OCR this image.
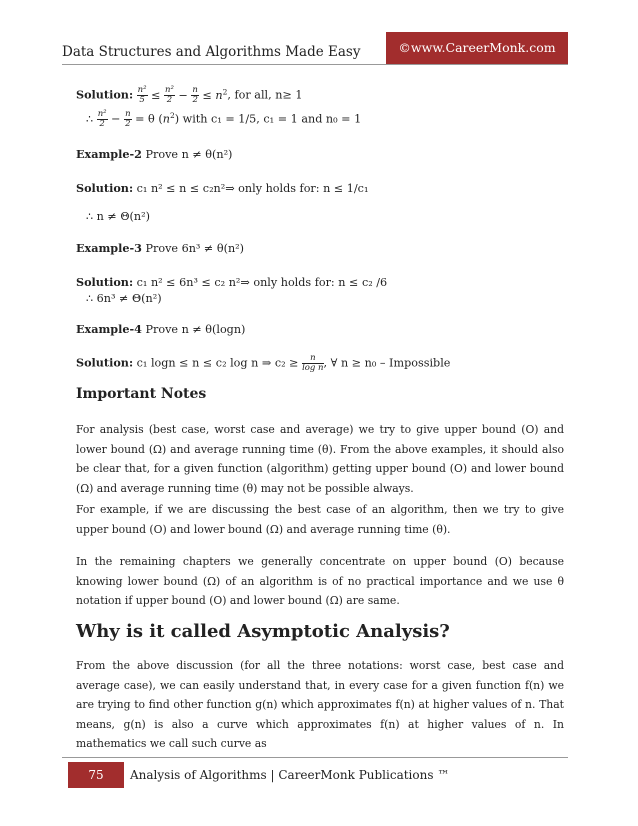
Data Structures and Algorithms Made Easy	©www.CareerMonk.com
Solution: $\frac{\text{n²}}{5} \le \frac{\text{n²}}{2} - \frac{n}{2} \le n^2$, for all, n≥ 1
∴ $\frac{\text{n²}}{2} - \frac{n}{2} = \theta$ $(n^2)$ with c₁ = 1/5, c₁ = 1 and n₀ = 1
Example-2 Prove n ≠ θ(n²)
Solution: c₁ n² ≤ n ≤ c₂n²⇒ only holds for: n ≤ 1/c₁
∴ n ≠ Θ(n²)
Example-3 Prove 6n³ ≠ θ(n²)
Solution: c₁ n² ≤ 6n³ ≤ c₂ n²⇒ only holds for: n ≤ c₂ /6
∴ 6n³ ≠ Θ(n²)
Example-4 Prove n ≠ θ(logn)
Solution: c₁ logn ≤ n ≤ c₂ log n ⇒ $c_2 \ge \frac{n}{\text{log n}}$ , ∀ n ≥ n₀ – Impossible
Important Notes
For analysis (best case, worst case and average) we try to give upper bound (O) and lower bound (Ω) and average running time (θ). From the above examples, it should also be clear that, for a given function (algorithm) getting upper bound (O) and lower bound (Ω) and average running time (θ) may not be possible always.
For example, if we are discussing the best case of an algorithm, then we try to give upper bound (O) and lower bound (Ω) and average running time (θ).
In the remaining chapters we generally concentrate on upper bound (O) because knowing lower bound (Ω) of an algorithm is of no practical importance and we use θ notation if upper bound (O) and lower bound (Ω) are same.
Why is it called Asymptotic Analysis?
From the above discussion (for all the three notations: worst case, best case and average case), we can easily understand that, in every case for a given function f(n) we are trying to find other function g(n) which approximates f(n) at higher values of n. That means, g(n) is also a curve which approximates f(n) at higher values of n. In mathematics we call such curve as
75	Analysis of Algorithms | CareerMonk Publications ™
